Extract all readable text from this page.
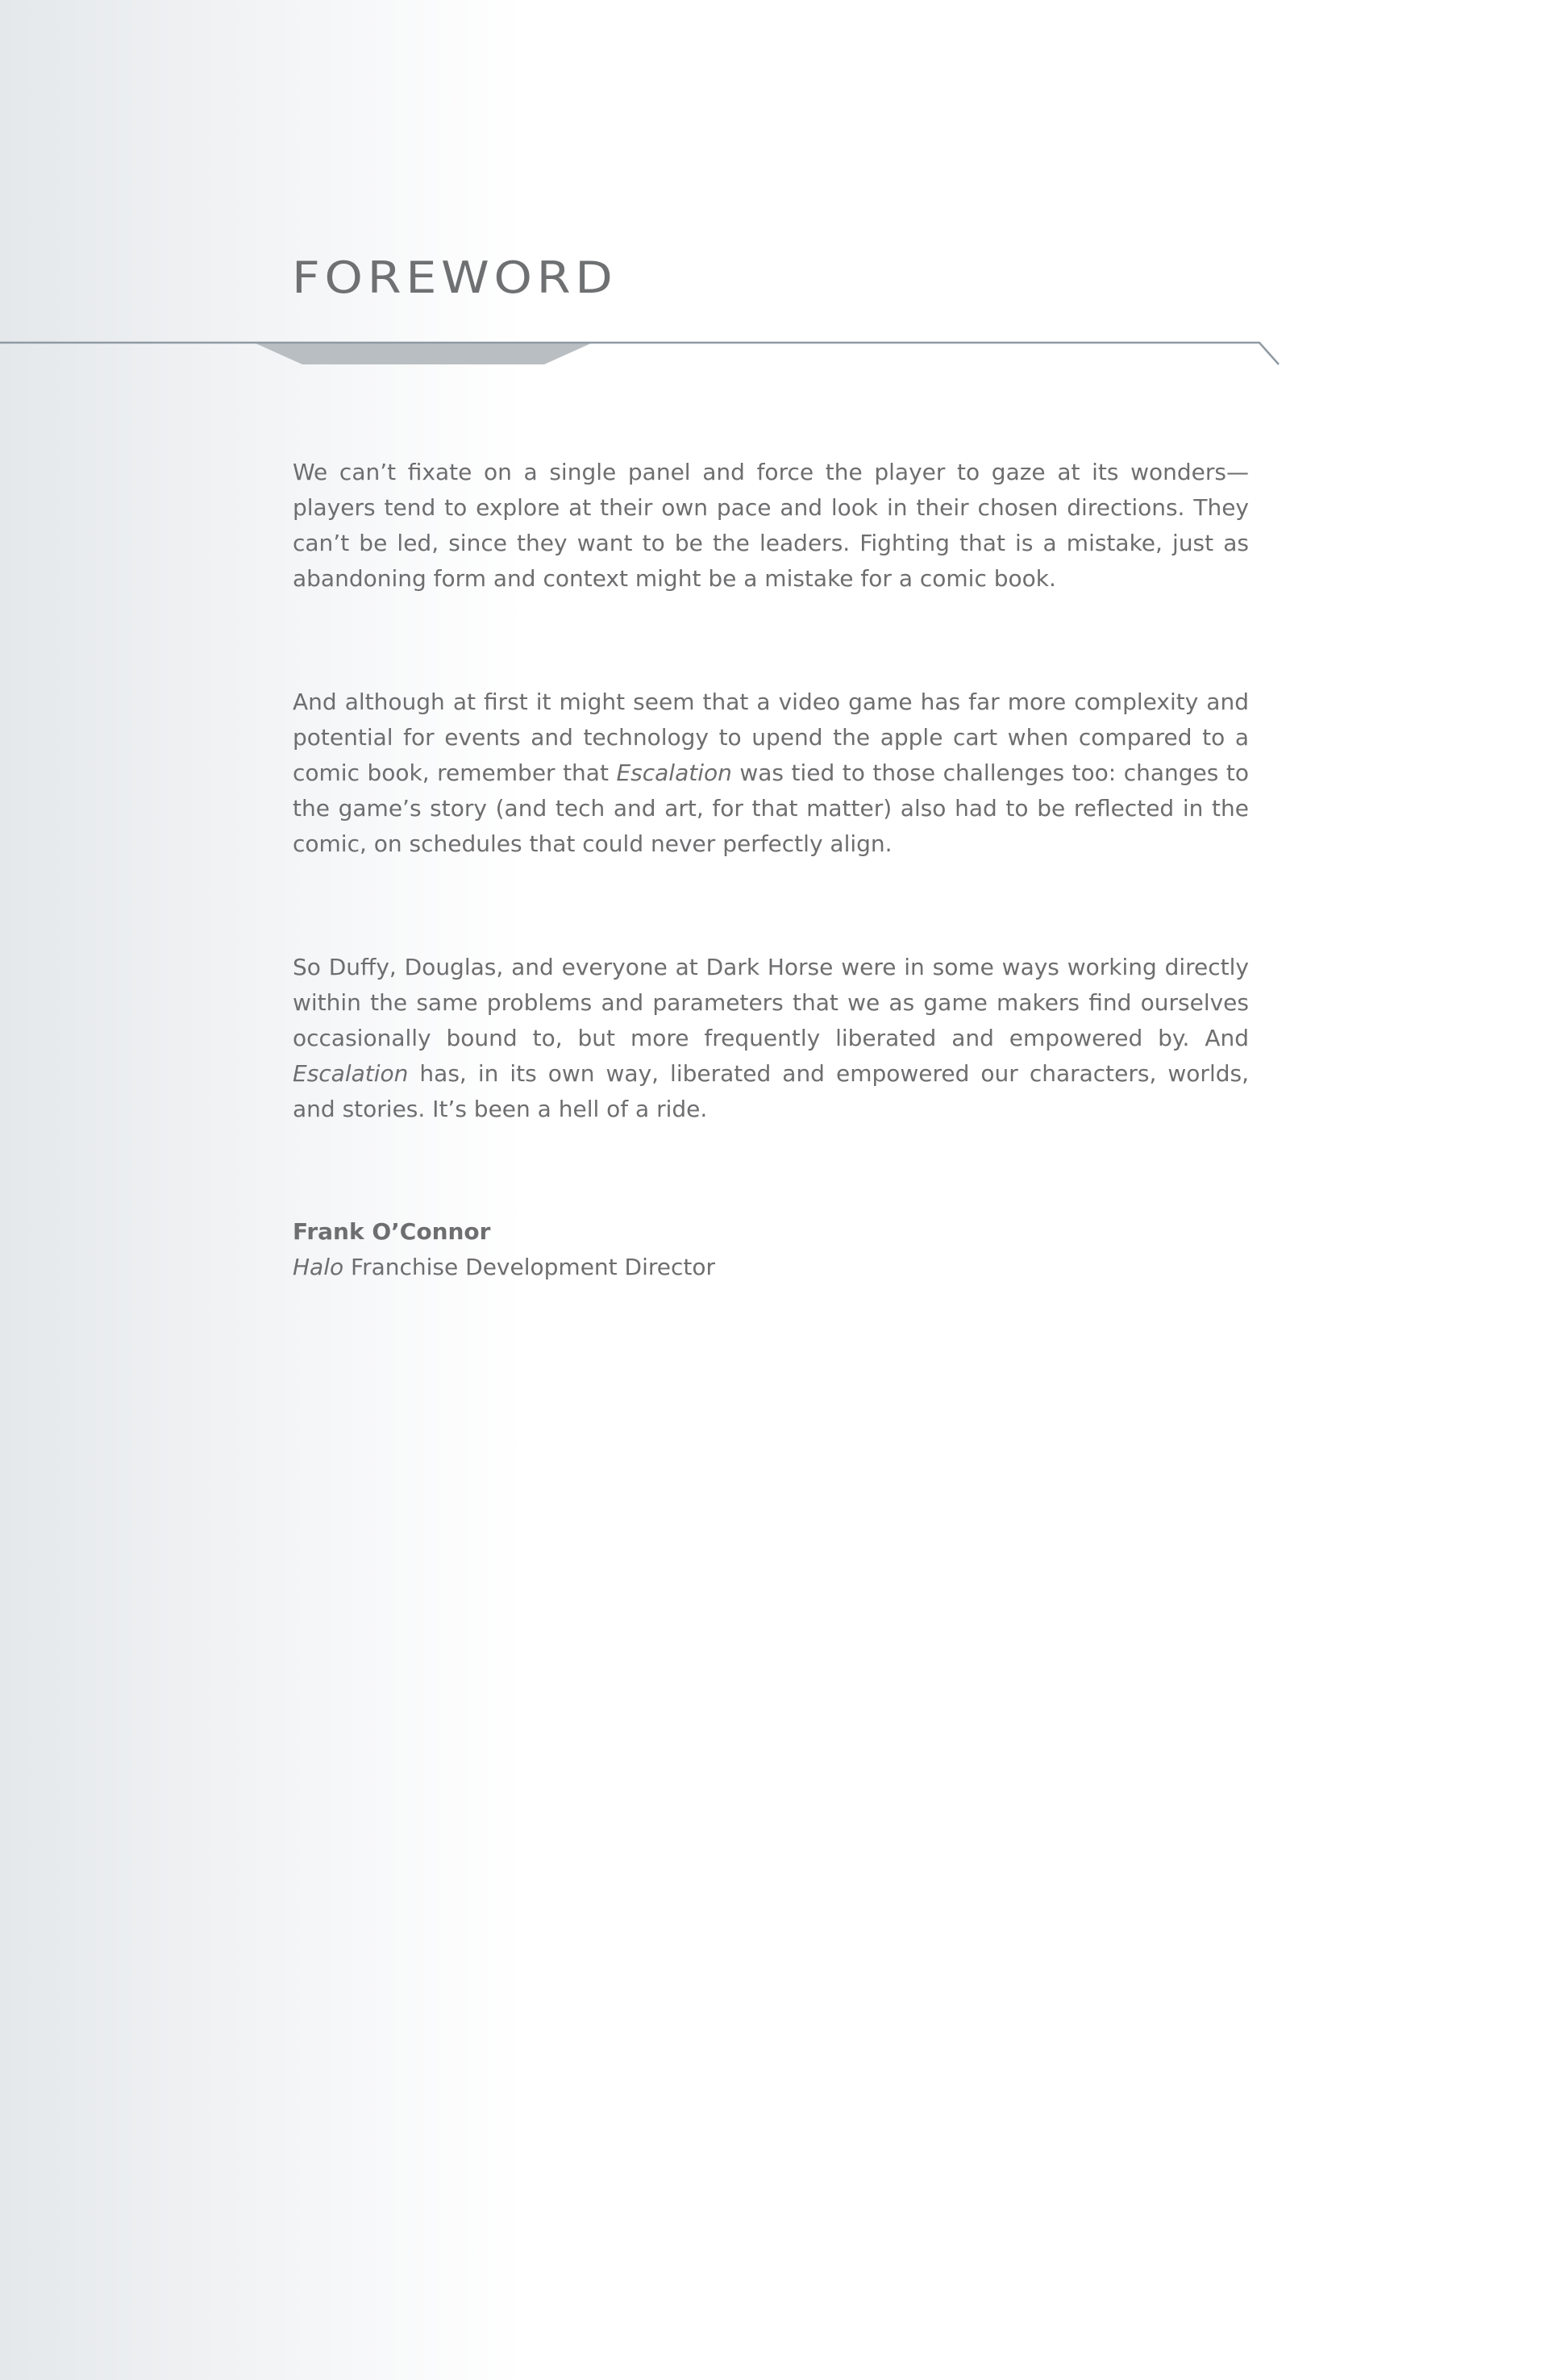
FOREWORD

We can’t fixate on a single panel and force the player to gaze at its wonders—players tend to explore at their own pace and look in their chosen directions. They can’t be led, since they want to be the leaders. Fighting that is a mistake, just as abandoning form and context might be a mistake for a comic book.

And although at first it might seem that a video game has far more complexity and potential for events and technology to upend the apple cart when compared to a comic book, remember that Escalation was tied to those challenges too: changes to the game’s story (and tech and art, for that matter) also had to be reflected in the comic, on schedules that could never perfectly align.

So Duffy, Douglas, and everyone at Dark Horse were in some ways working directly within the same problems and parameters that we as game makers find ourselves occasionally bound to, but more frequently liberated and empowered by. And Escalation has, in its own way, liberated and empowered our characters, worlds, and stories. It’s been a hell of a ride.

Frank O’Connor
Halo Franchise Development Director
